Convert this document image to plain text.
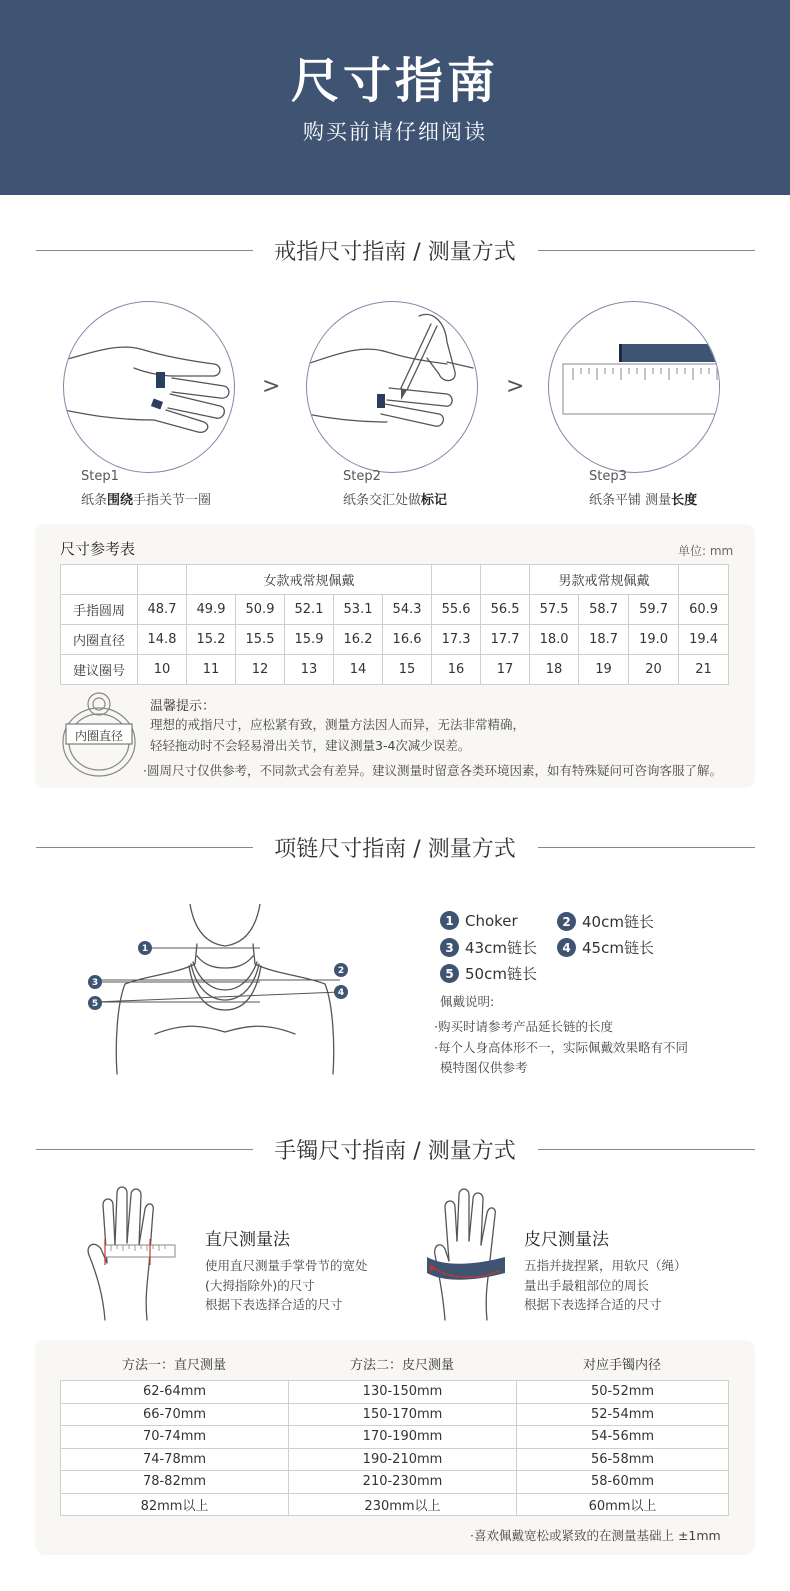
尺寸指南
购买前请仔细阅读
戒指尺寸指南 / 测量方式
>	>
Step1
纸条围绕手指关节一圈
Step2
纸条交汇处做标记
Step3
纸条平铺 测量长度
尺寸参考表	单位: mm
		女款戒常规佩戴							男款戒常规佩戴			
手指圆周	48.7	49.9	50.9	52.1	53.1	54.3	55.6	56.5	57.5	58.7	59.7	60.9
内圈直径	14.8	15.2	15.5	15.9	16.2	16.6	17.3	17.7	18.0	18.7	19.0	19.4
建议圈号	10	11	12	13	14	15	16	17	18	19	20	21
内圈直径
温馨提示：
理想的戒指尺寸，应松紧有致，测量方法因人而异，无法非常精确，
轻轻拖动时不会轻易滑出关节，建议测量3-4次减少误差。
·圆周尺寸仅供参考，不同款式会有差异。建议测量时留意各类环境因素，如有特殊疑问可咨询客服了解。
项链尺寸指南 / 测量方式
1
2
3
4
5
1 Choker	2 40cm链长
3 43cm链长	4 45cm链长
5 50cm链长
佩戴说明:
·购买时请参考产品延长链的长度
·每个人身高体形不一，实际佩戴效果略有不同
模特图仅供参考
手镯尺寸指南 / 测量方式
直尺测量法
使用直尺测量手掌骨节的宽处
(大拇指除外)的尺寸
根据下表选择合适的尺寸
皮尺测量法
五指并拢捏紧，用软尺（绳）
量出手最粗部位的周长
根据下表选择合适的尺寸
方法一：直尺测量	方法二：皮尺测量	对应手镯内径
62-64mm	130-150mm	50-52mm
66-70mm	150-170mm	52-54mm
70-74mm	170-190mm	54-56mm
74-78mm	190-210mm	56-58mm
78-82mm	210-230mm	58-60mm
82mm以上	230mm以上	60mm以上
·喜欢佩戴宽松或紧致的在测量基础上 ±1mm
